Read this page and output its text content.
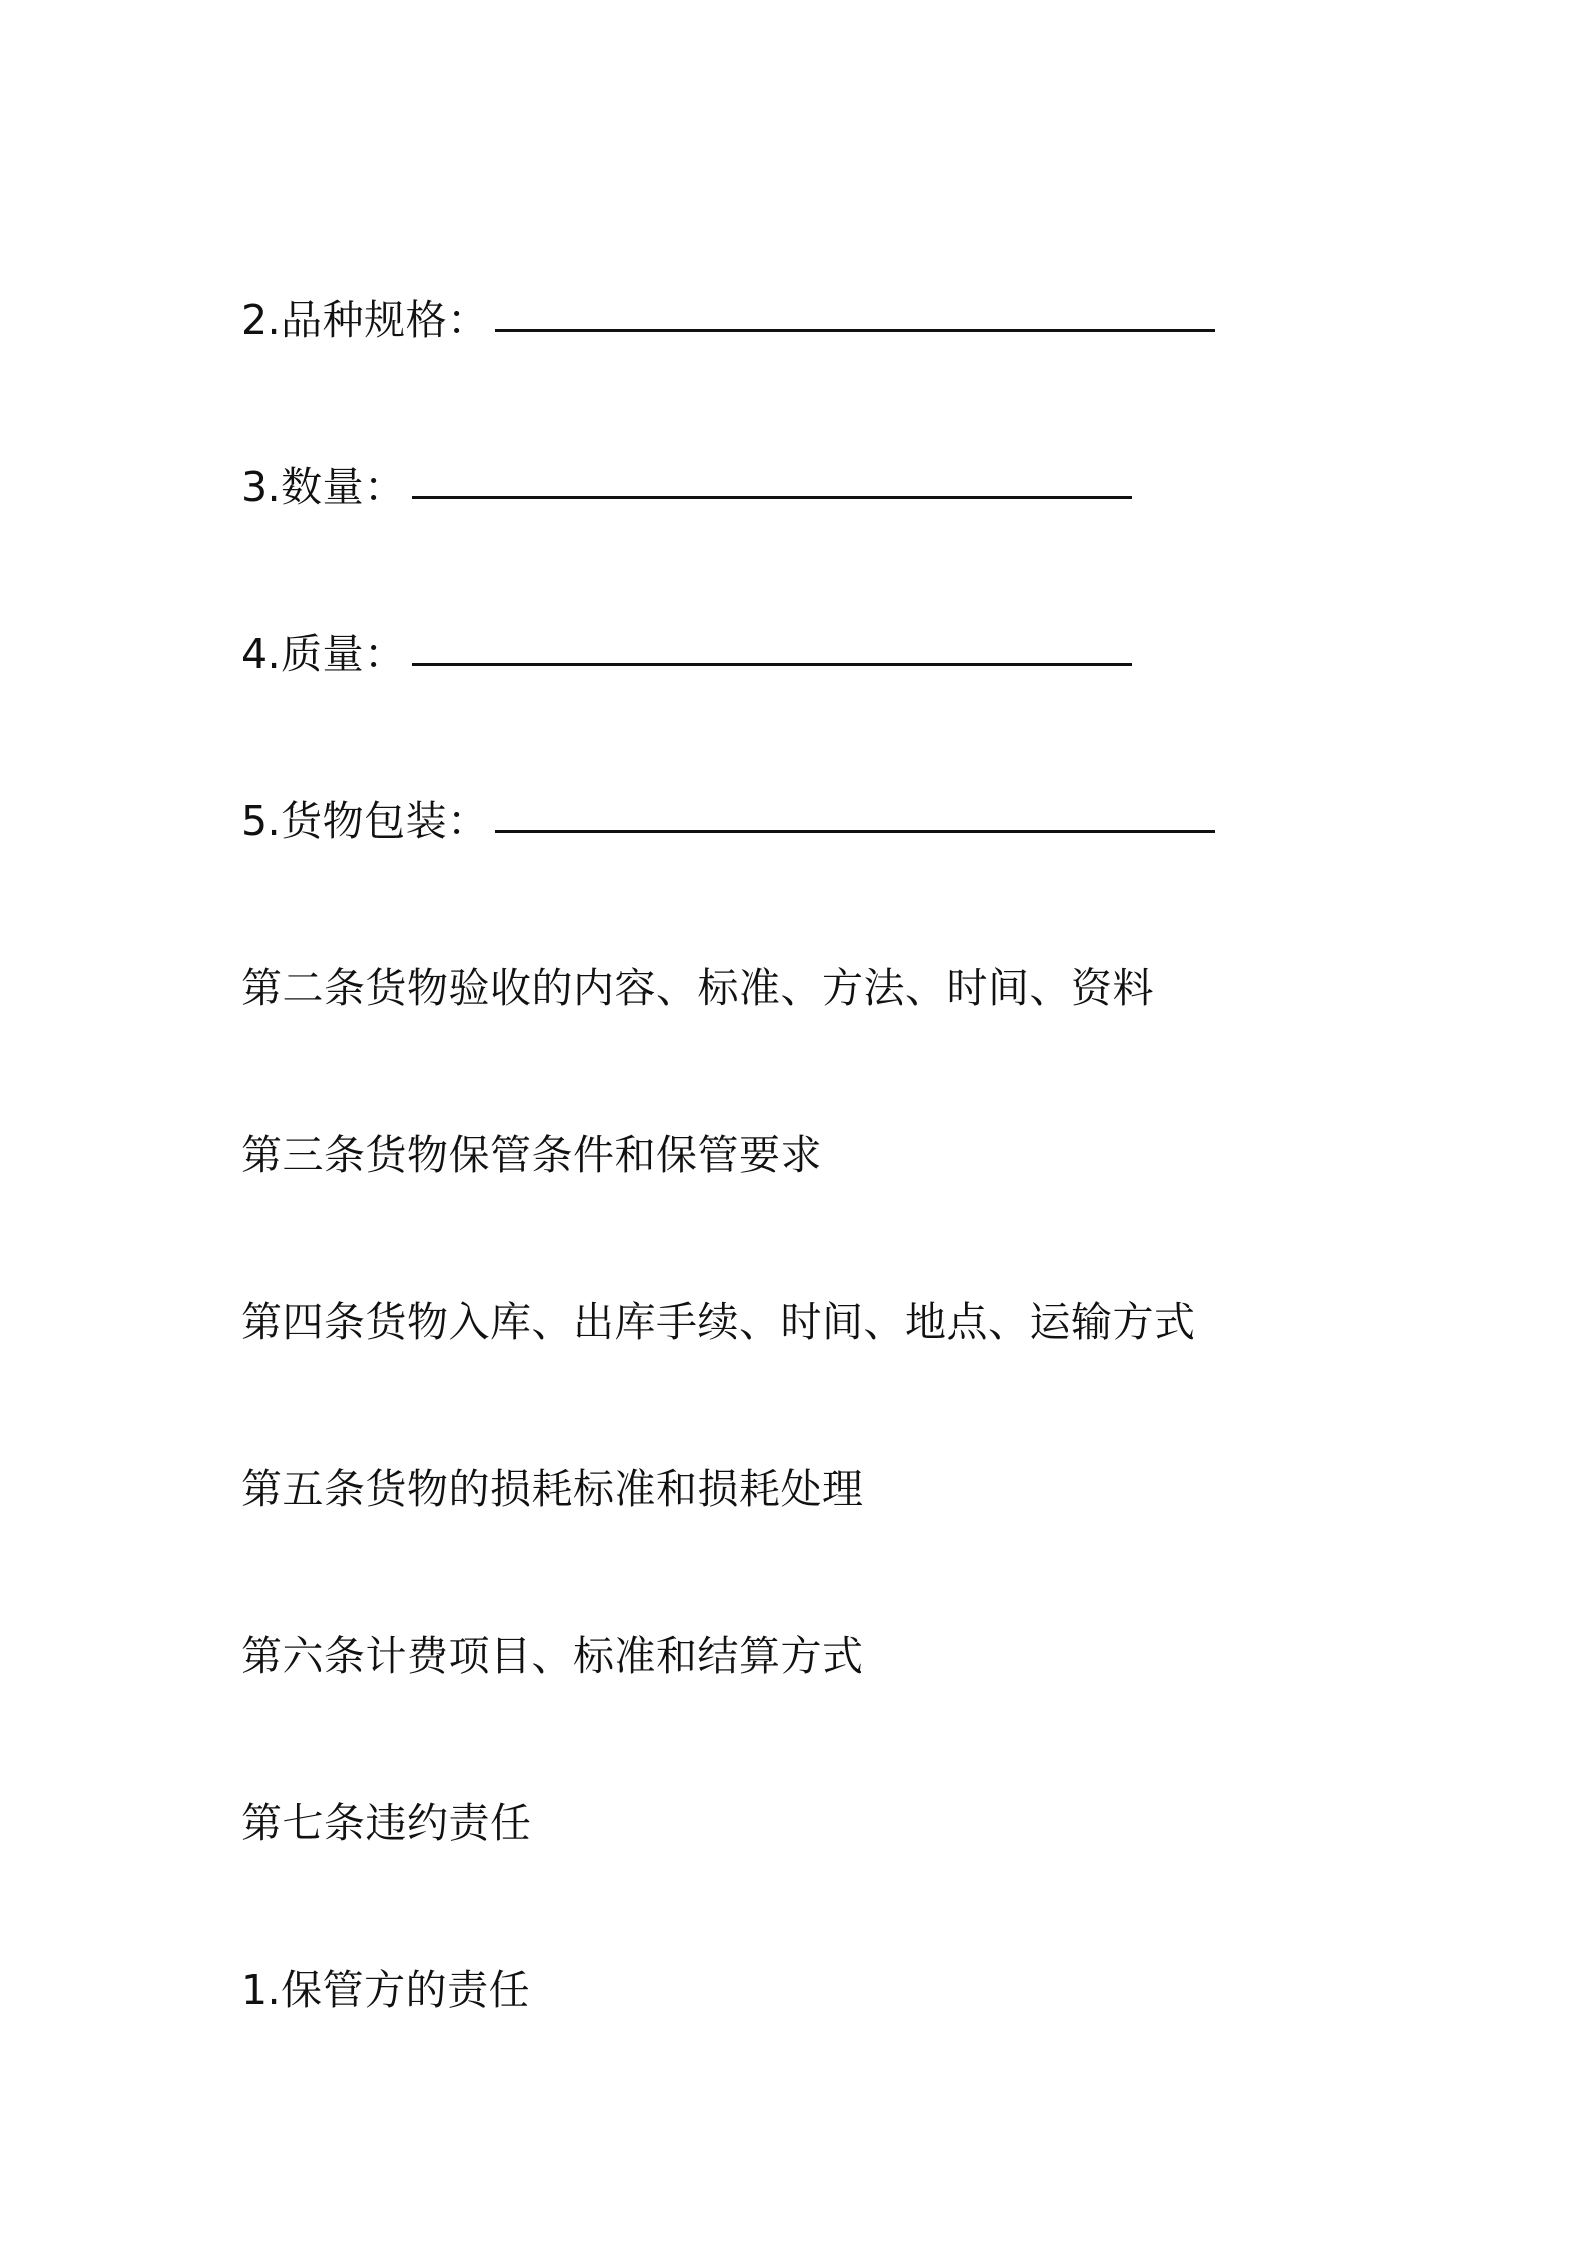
2.品种规格：
3.数量：
4.质量：
5.货物包装：
第二条货物验收的内容、标准、方法、时间、资料
第三条货物保管条件和保管要求
第四条货物入库、出库手续、时间、地点、运输方式
第五条货物的损耗标准和损耗处理
第六条计费项目、标准和结算方式
第七条违约责任
1.保管方的责任
